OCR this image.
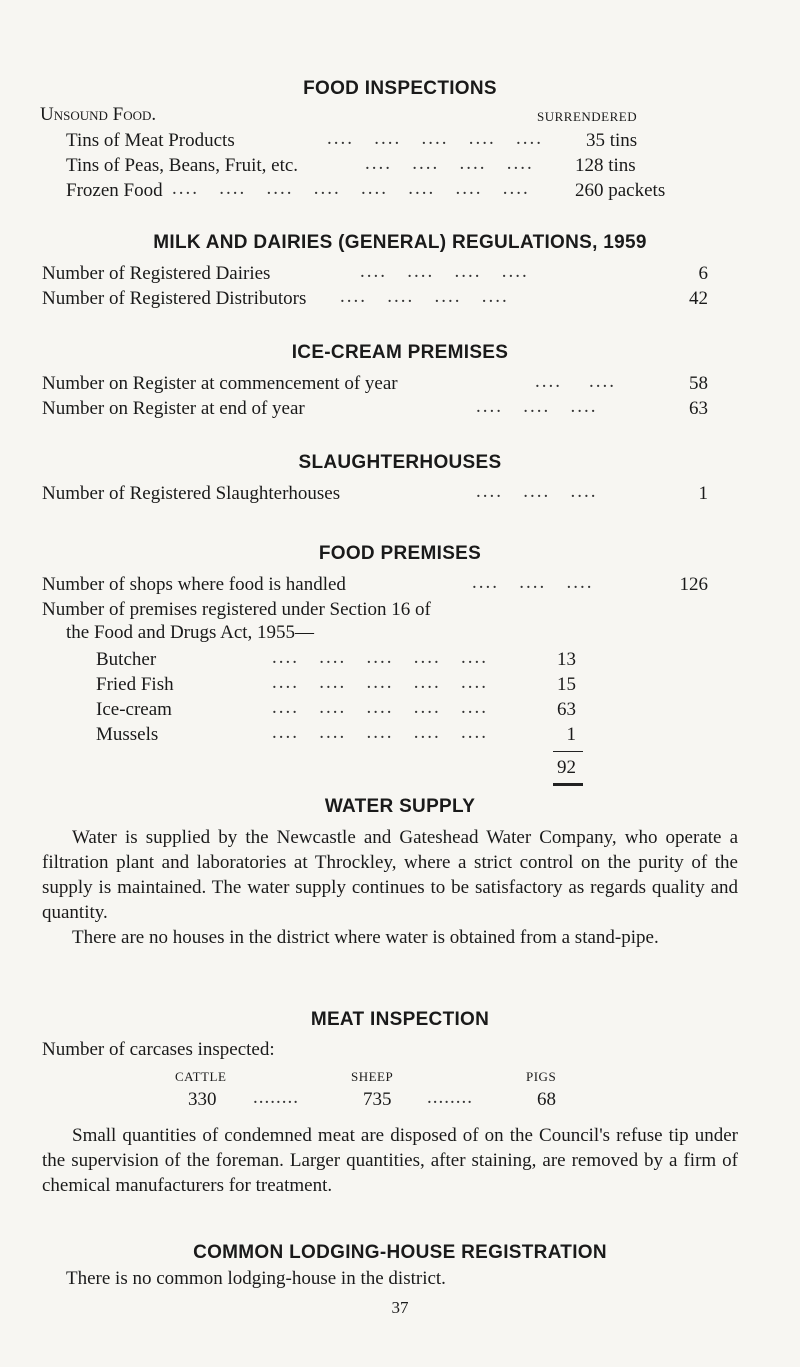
FOOD INSPECTIONS
Unsound Food.	SURRENDERED
Tins of Meat Products	....   ....   ....   ....   .... 35 tins
Tins of Peas, Beans, Fruit, etc.	....   ....   ....   .... 128 tins
Frozen Food ....   ....   ....   ....   ....   ....   ....   .... 260 packets
MILK AND DAIRIES (GENERAL) REGULATIONS, 1959
Number of Registered Dairies	....   ....   ....   ....	6
Number of Registered Distributors ....   ....   ....   ....	42
ICE-CREAM PREMISES
Number on Register at commencement of year	....    ....	58
Number on Register at end of year	....   ....   ....	63
SLAUGHTERHOUSES
Number of Registered Slaughterhouses	....   ....   ....	1
FOOD PREMISES
Number of shops where food is handled	....   ....   ....	126
Number of premises registered under Section 16 of
the Food and Drugs Act, 1955—
Butcher	....   ....   ....   ....   ....	13
Fried Fish	....   ....   ....   ....   ....	15
Ice-cream	....   ....   ....   ....   ....	63
Mussels	....   ....   ....   ....   ....	1
92
WATER SUPPLY
Water is supplied by the Newcastle and Gateshead Water Company, who operate a filtration plant and laboratories at Throckley, where a strict control on the purity of the supply is maintained. The water supply continues to be satisfactory as regards quality and quantity.
There are no houses in the district where water is obtained from a stand-pipe.
MEAT INSPECTION
Number of carcases inspected:
CATTLE	SHEEP	PIGS
330 ........	735 ........	68
Small quantities of condemned meat are disposed of on the Council's refuse tip under the supervision of the foreman. Larger quantities, after staining, are removed by a firm of chemical manufacturers for treatment.
COMMON LODGING-HOUSE REGISTRATION
There is no common lodging-house in the district.
37
